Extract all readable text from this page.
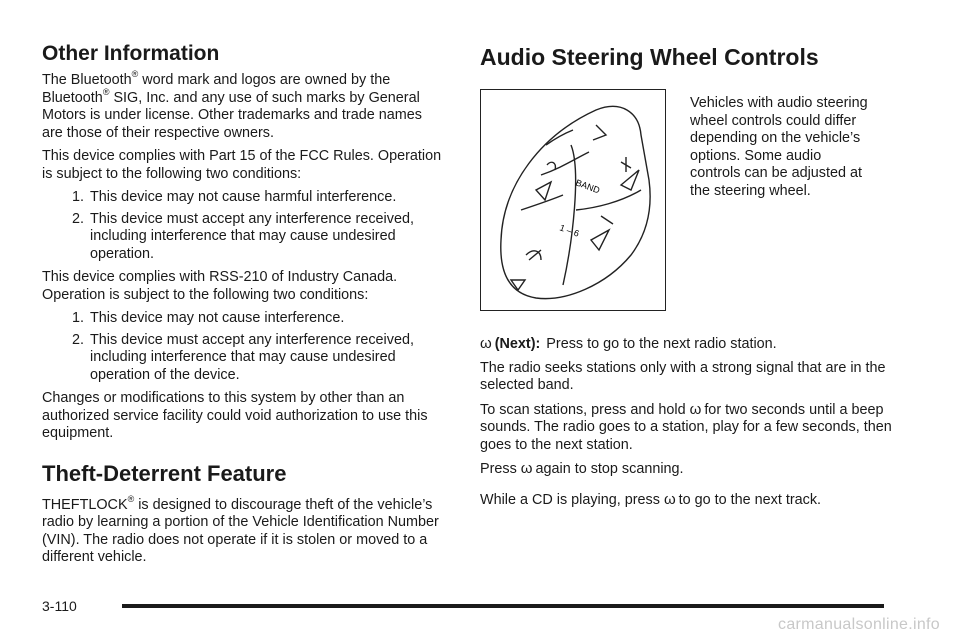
Other Information

The Bluetooth® word mark and logos are owned by the Bluetooth® SIG, Inc. and any use of such marks by General Motors is under license. Other trademarks and trade names are those of their respective owners.

This device complies with Part 15 of the FCC Rules. Operation is subject to the following two conditions:

1. This device may not cause harmful interference.
2. This device must accept any interference received, including interference that may cause undesired operation.

This device complies with RSS-210 of Industry Canada. Operation is subject to the following two conditions:

1. This device may not cause interference.
2. This device must accept any interference received, including interference that may cause undesired operation of the device.

Changes or modifications to this system by other than an authorized service facility could void authorization to use this equipment.

Theft-Deterrent Feature

THEFTLOCK® is designed to discourage theft of the vehicle’s radio by learning a portion of the Vehicle Identification Number (VIN). The radio does not operate if it is stolen or moved to a different vehicle.

Audio Steering Wheel Controls
BAND
1 – 6
Vehicles with audio steering wheel controls could differ depending on the vehicle’s options. Some audio controls can be adjusted at the steering wheel.
ω (Next): Press to go to the next radio station.

The radio seeks stations only with a strong signal that are in the selected band.

To scan stations, press and hold ω for two seconds until a beep sounds. The radio goes to a station, play for a few seconds, then goes to the next station.

Press ω again to stop scanning.

While a CD is playing, press ω to go to the next track.

3-110
carmanualsonline.info
